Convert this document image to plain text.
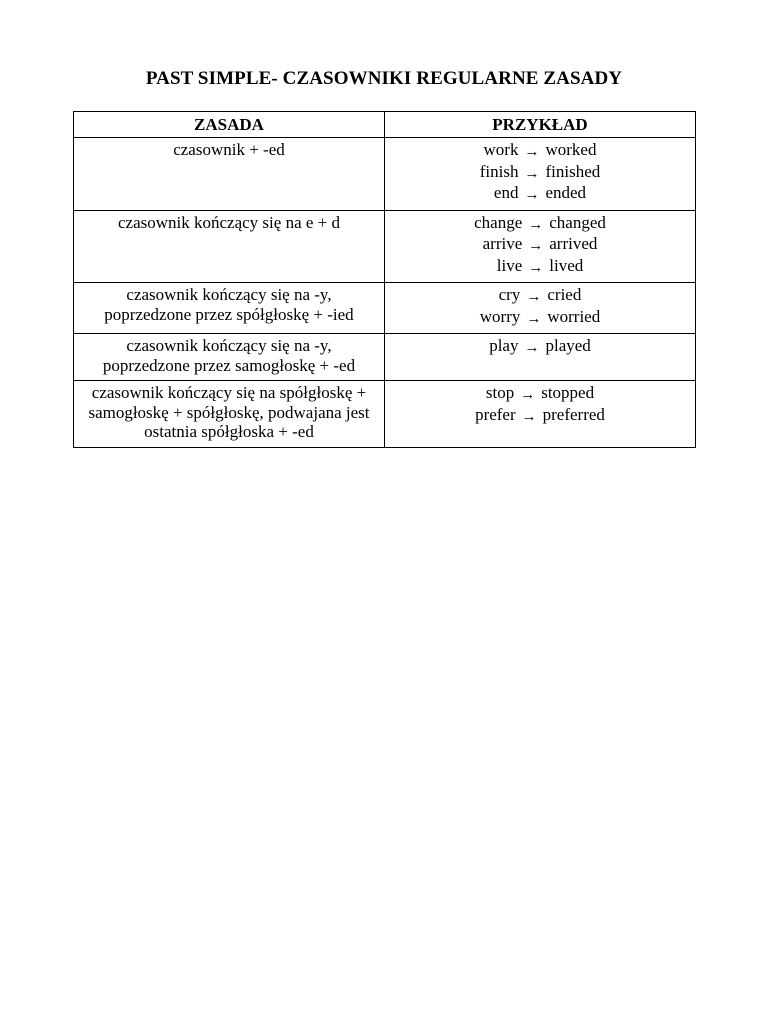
PAST SIMPLE- CZASOWNIKI REGULARNE ZASADY
ZASADA	PRZYKŁAD

czasownik + -ed	work → worked
finish → finished
end → ended

czasownik kończący się na e + d	change → changed
arrive → arrived
live → lived

czasownik kończący się na -y,
poprzedzone przez spółgłoskę + -ied	cry → cried
worry → worried

czasownik kończący się na -y,
poprzedzone przez samogłoskę + -ed	play → played

czasownik kończący się na spółgłoskę +
samogłoskę + spółgłoskę, podwajana jest
ostatnia spółgłoska + -ed	stop → stopped
prefer → preferred
